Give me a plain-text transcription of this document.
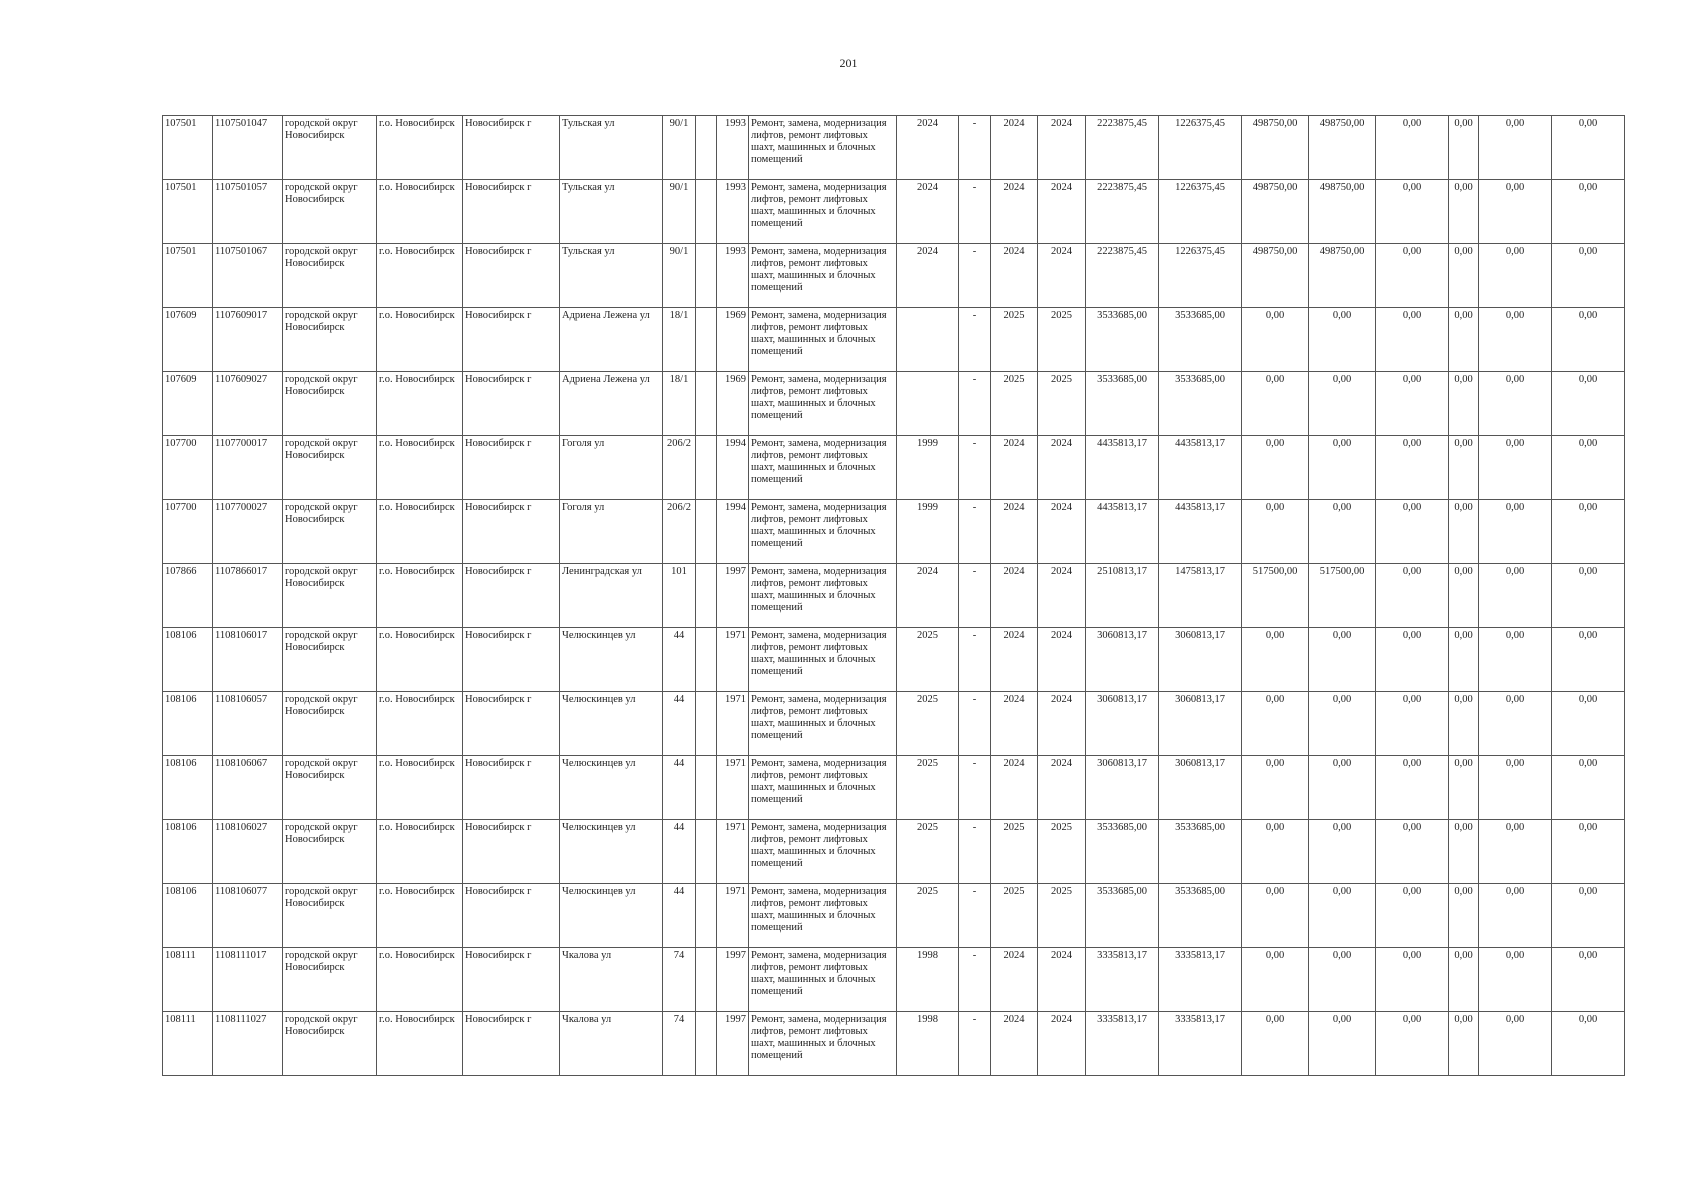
201
107501	1107501047	городской округ Новосибирск	г.о. Новосибирск	Новосибирск г	Тульская ул	90/1		1993	Ремонт, замена, модернизация лифтов, ремонт лифтовых шахт, машинных и блочных помещений	2024	-	2024	2024	2223875,45	1226375,45	498750,00	498750,00	0,00	0,00	0,00	0,00
107501	1107501057	городской округ Новосибирск	г.о. Новосибирск	Новосибирск г	Тульская ул	90/1		1993	Ремонт, замена, модернизация лифтов, ремонт лифтовых шахт, машинных и блочных помещений	2024	-	2024	2024	2223875,45	1226375,45	498750,00	498750,00	0,00	0,00	0,00	0,00
107501	1107501067	городской округ Новосибирск	г.о. Новосибирск	Новосибирск г	Тульская ул	90/1		1993	Ремонт, замена, модернизация лифтов, ремонт лифтовых шахт, машинных и блочных помещений	2024	-	2024	2024	2223875,45	1226375,45	498750,00	498750,00	0,00	0,00	0,00	0,00
107609	1107609017	городской округ Новосибирск	г.о. Новосибирск	Новосибирск г	Адриена Лежена ул	18/1		1969	Ремонт, замена, модернизация лифтов, ремонт лифтовых шахт, машинных и блочных помещений		-	2025	2025	3533685,00	3533685,00	0,00	0,00	0,00	0,00	0,00	0,00
107609	1107609027	городской округ Новосибирск	г.о. Новосибирск	Новосибирск г	Адриена Лежена ул	18/1		1969	Ремонт, замена, модернизация лифтов, ремонт лифтовых шахт, машинных и блочных помещений		-	2025	2025	3533685,00	3533685,00	0,00	0,00	0,00	0,00	0,00	0,00
107700	1107700017	городской округ Новосибирск	г.о. Новосибирск	Новосибирск г	Гоголя ул	206/2		1994	Ремонт, замена, модернизация лифтов, ремонт лифтовых шахт, машинных и блочных помещений	1999	-	2024	2024	4435813,17	4435813,17	0,00	0,00	0,00	0,00	0,00	0,00
107700	1107700027	городской округ Новосибирск	г.о. Новосибирск	Новосибирск г	Гоголя ул	206/2		1994	Ремонт, замена, модернизация лифтов, ремонт лифтовых шахт, машинных и блочных помещений	1999	-	2024	2024	4435813,17	4435813,17	0,00	0,00	0,00	0,00	0,00	0,00
107866	1107866017	городской округ Новосибирск	г.о. Новосибирск	Новосибирск г	Ленинградская ул	101		1997	Ремонт, замена, модернизация лифтов, ремонт лифтовых шахт, машинных и блочных помещений	2024	-	2024	2024	2510813,17	1475813,17	517500,00	517500,00	0,00	0,00	0,00	0,00
108106	1108106017	городской округ Новосибирск	г.о. Новосибирск	Новосибирск г	Челюскинцев ул	44		1971	Ремонт, замена, модернизация лифтов, ремонт лифтовых шахт, машинных и блочных помещений	2025	-	2024	2024	3060813,17	3060813,17	0,00	0,00	0,00	0,00	0,00	0,00
108106	1108106057	городской округ Новосибирск	г.о. Новосибирск	Новосибирск г	Челюскинцев ул	44		1971	Ремонт, замена, модернизация лифтов, ремонт лифтовых шахт, машинных и блочных помещений	2025	-	2024	2024	3060813,17	3060813,17	0,00	0,00	0,00	0,00	0,00	0,00
108106	1108106067	городской округ Новосибирск	г.о. Новосибирск	Новосибирск г	Челюскинцев ул	44		1971	Ремонт, замена, модернизация лифтов, ремонт лифтовых шахт, машинных и блочных помещений	2025	-	2024	2024	3060813,17	3060813,17	0,00	0,00	0,00	0,00	0,00	0,00
108106	1108106027	городской округ Новосибирск	г.о. Новосибирск	Новосибирск г	Челюскинцев ул	44		1971	Ремонт, замена, модернизация лифтов, ремонт лифтовых шахт, машинных и блочных помещений	2025	-	2025	2025	3533685,00	3533685,00	0,00	0,00	0,00	0,00	0,00	0,00
108106	1108106077	городской округ Новосибирск	г.о. Новосибирск	Новосибирск г	Челюскинцев ул	44		1971	Ремонт, замена, модернизация лифтов, ремонт лифтовых шахт, машинных и блочных помещений	2025	-	2025	2025	3533685,00	3533685,00	0,00	0,00	0,00	0,00	0,00	0,00
108111	1108111017	городской округ Новосибирск	г.о. Новосибирск	Новосибирск г	Чкалова ул	74		1997	Ремонт, замена, модернизация лифтов, ремонт лифтовых шахт, машинных и блочных помещений	1998	-	2024	2024	3335813,17	3335813,17	0,00	0,00	0,00	0,00	0,00	0,00
108111	1108111027	городской округ Новосибирск	г.о. Новосибирск	Новосибирск г	Чкалова ул	74		1997	Ремонт, замена, модернизация лифтов, ремонт лифтовых шахт, машинных и блочных помещений	1998	-	2024	2024	3335813,17	3335813,17	0,00	0,00	0,00	0,00	0,00	0,00
